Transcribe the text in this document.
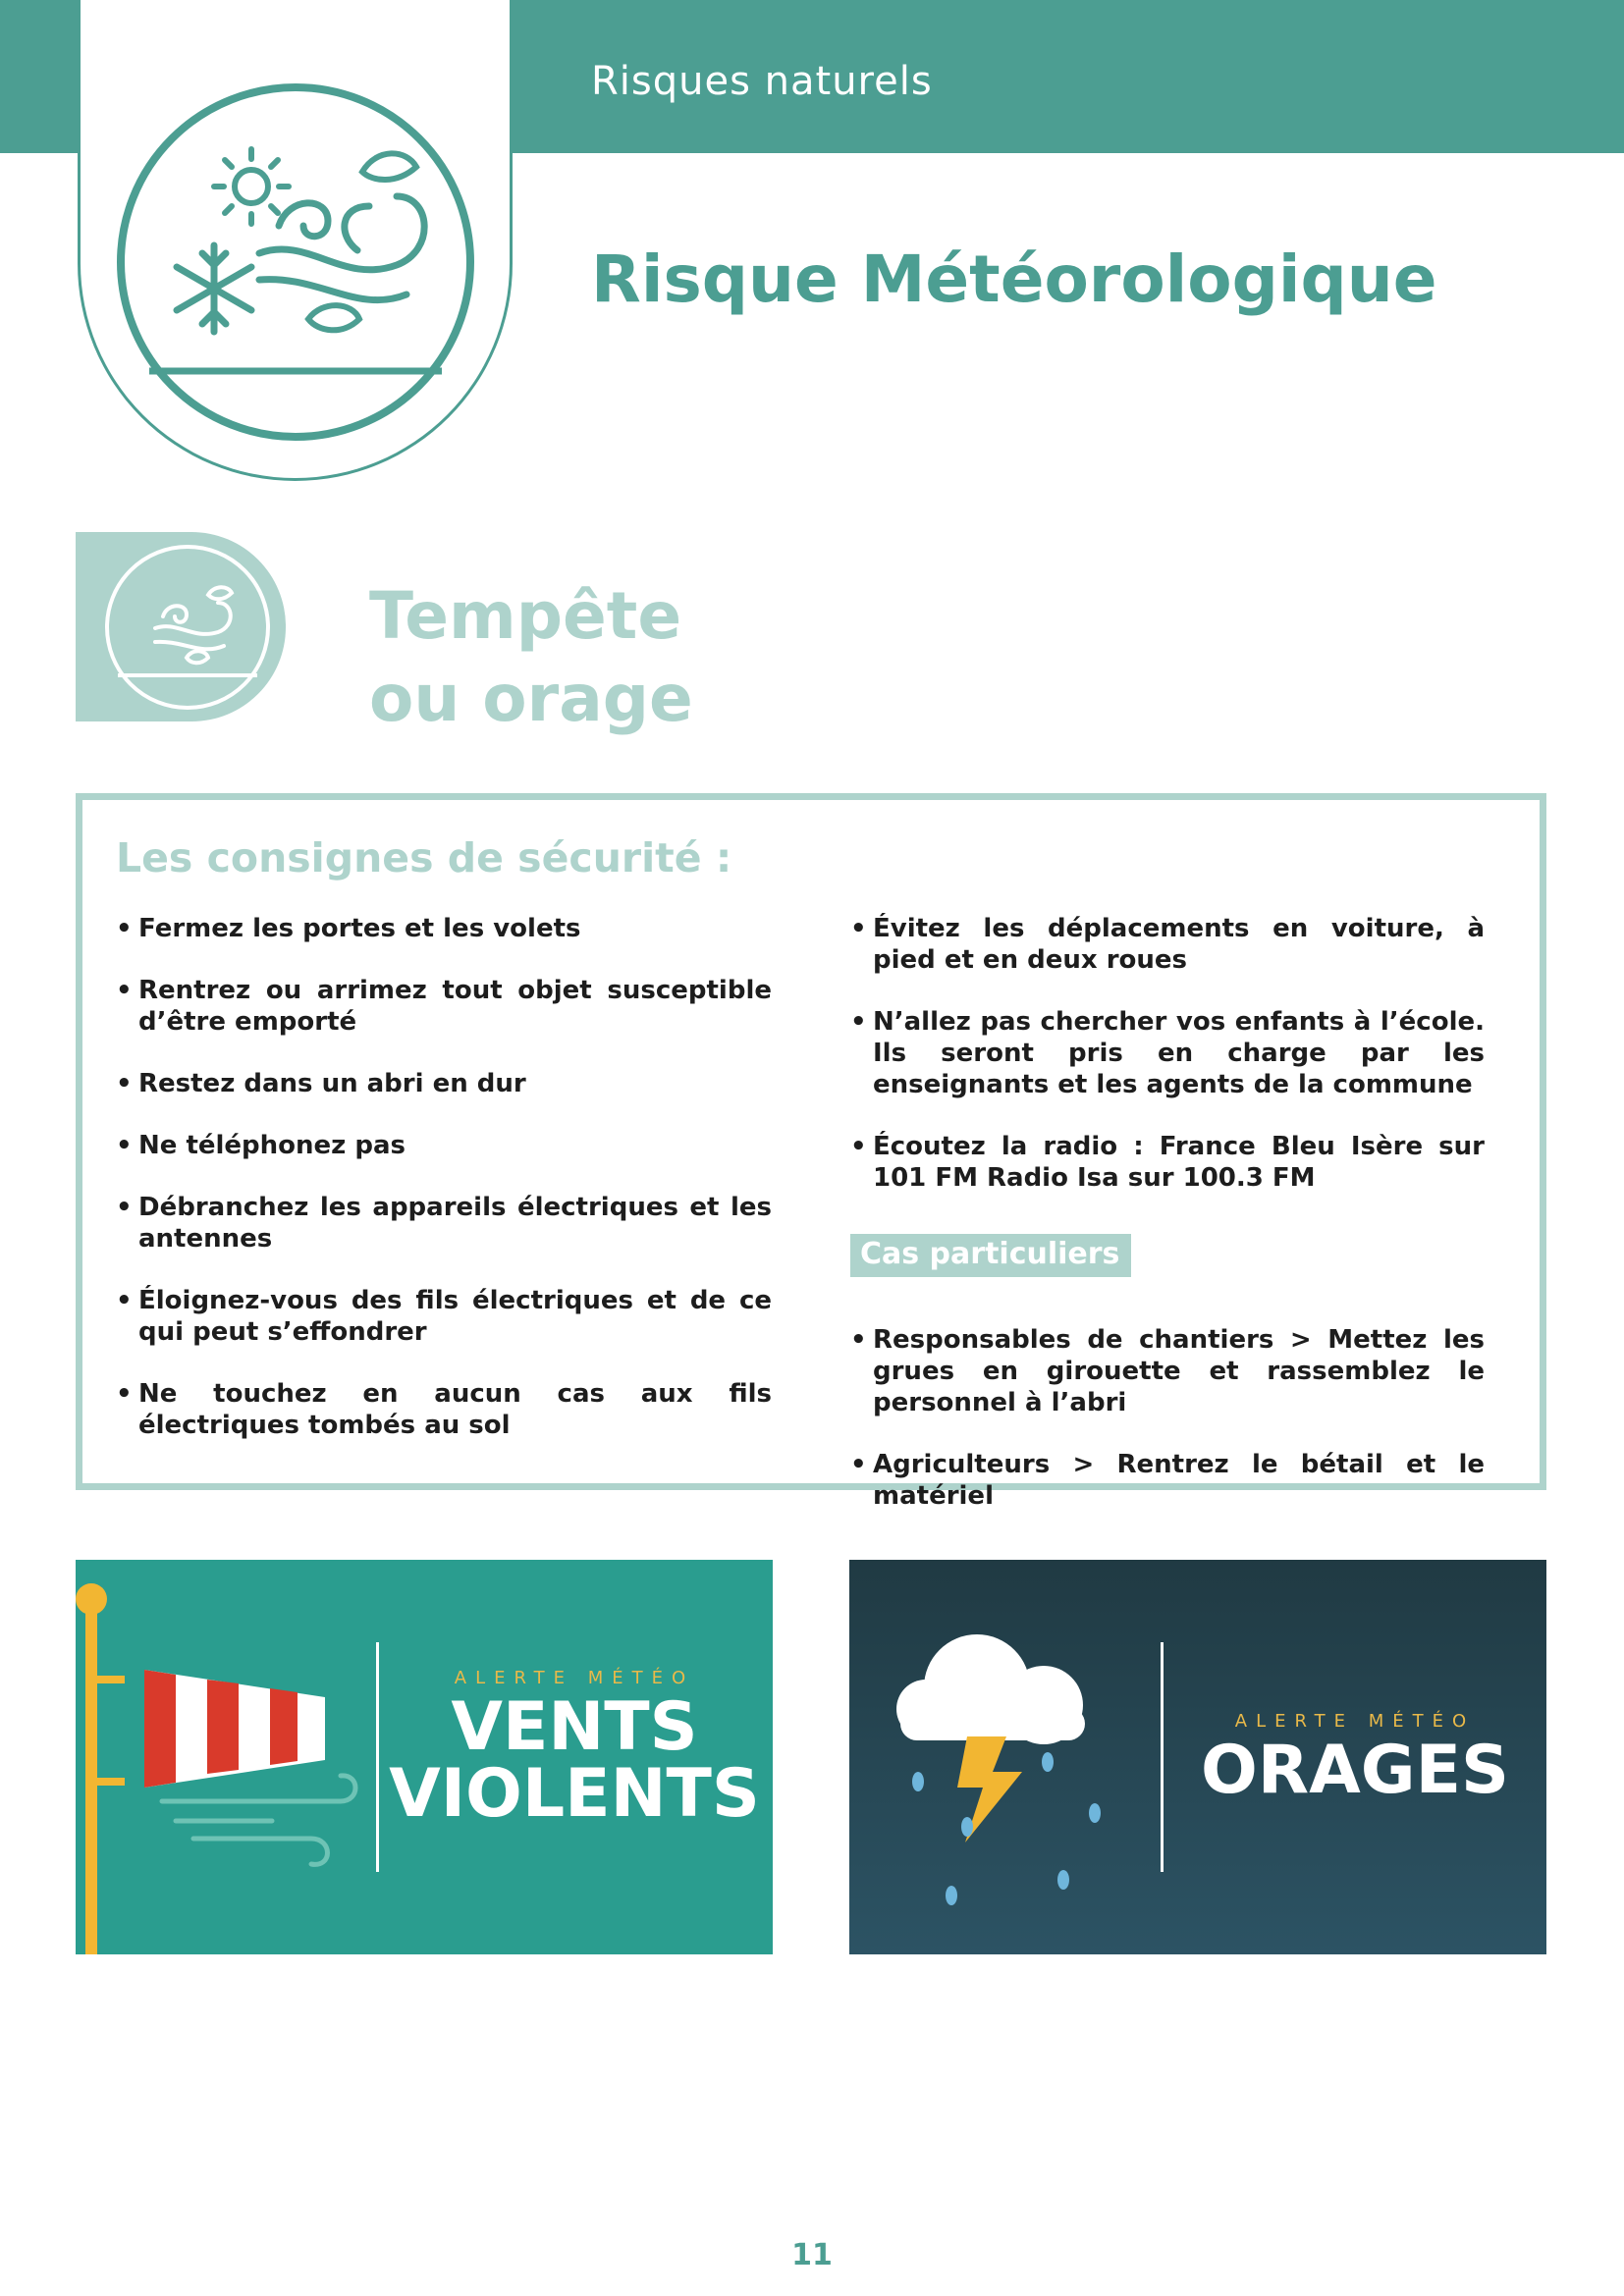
Risques naturels
Risque Météorologique
Tempête
ou orage
Les consignes de sécurité :
• Fermez les portes et les volets
• Rentrez ou arrimez tout objet susceptible d’être emporté
• Restez dans un abri en dur
• Ne téléphonez pas
• Débranchez les appareils électriques et les antennes
• Éloignez-vous des fils électriques et de ce qui peut s’effondrer
• Ne touchez en aucun cas aux fils électriques tombés au sol
• Évitez les déplacements en voiture, à pied et en deux roues
• N’allez pas chercher vos enfants à l’école. Ils seront pris en charge par les enseignants et les agents de la commune
• Écoutez la radio : France Bleu Isère sur 101 FM Radio Isa sur 100.3 FM
Cas particuliers
• Responsables de chantiers > Mettez les grues en girouette et rassemblez le personnel à l’abri
• Agriculteurs > Rentrez le bétail et le matériel
ALERTE MÉTÉO
VENTS
VIOLENTS
ALERTE MÉTÉO
ORAGES
11
